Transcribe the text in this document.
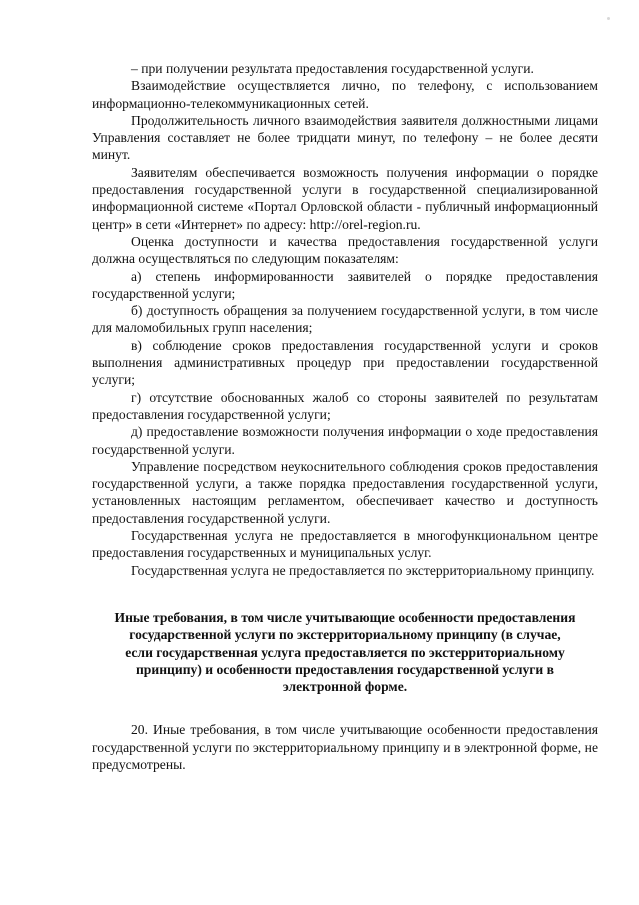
– при получении результата предоставления государственной услуги.

Взаимодействие осуществляется лично, по телефону, с использованием информационно-телекоммуникационных сетей.

Продолжительность личного взаимодействия заявителя должностными лицами Управления составляет не более тридцати минут, по телефону – не более десяти минут.

Заявителям обеспечивается возможность получения информации о порядке предоставления государственной услуги в государственной специализированной информационной системе «Портал Орловской области - публичный информационный центр» в сети «Интернет» по адресу: http://orel-region.ru.

Оценка доступности и качества предоставления государственной услуги должна осуществляться по следующим показателям:

а) степень информированности заявителей о порядке предоставления государственной услуги;

б) доступность обращения за получением государственной услуги, в том числе для маломобильных групп населения;

в) соблюдение сроков предоставления государственной услуги и сроков выполнения административных процедур при предоставлении государственной услуги;

г) отсутствие обоснованных жалоб со стороны заявителей по результатам предоставления государственной услуги;

д) предоставление возможности получения информации о ходе предоставления государственной услуги.

Управление посредством неукоснительного соблюдения сроков предоставления государственной услуги, а также порядка предоставления государственной услуги, установленных настоящим регламентом, обеспечивает качество и доступность предоставления государственной услуги.

Государственная услуга не предоставляется в многофункциональном центре предоставления государственных и муниципальных услуг.

Государственная услуга не предоставляется по экстерриториальному принципу.

Иные требования, в том числе учитывающие особенности предоставления государственной услуги по экстерриториальному принципу (в случае, если государственная услуга предоставляется по экстерриториальному принципу) и особенности предоставления государственной услуги в электронной форме.

20. Иные требования, в том числе учитывающие особенности предоставления государственной услуги по экстерриториальному принципу и в электронной форме, не предусмотрены.
